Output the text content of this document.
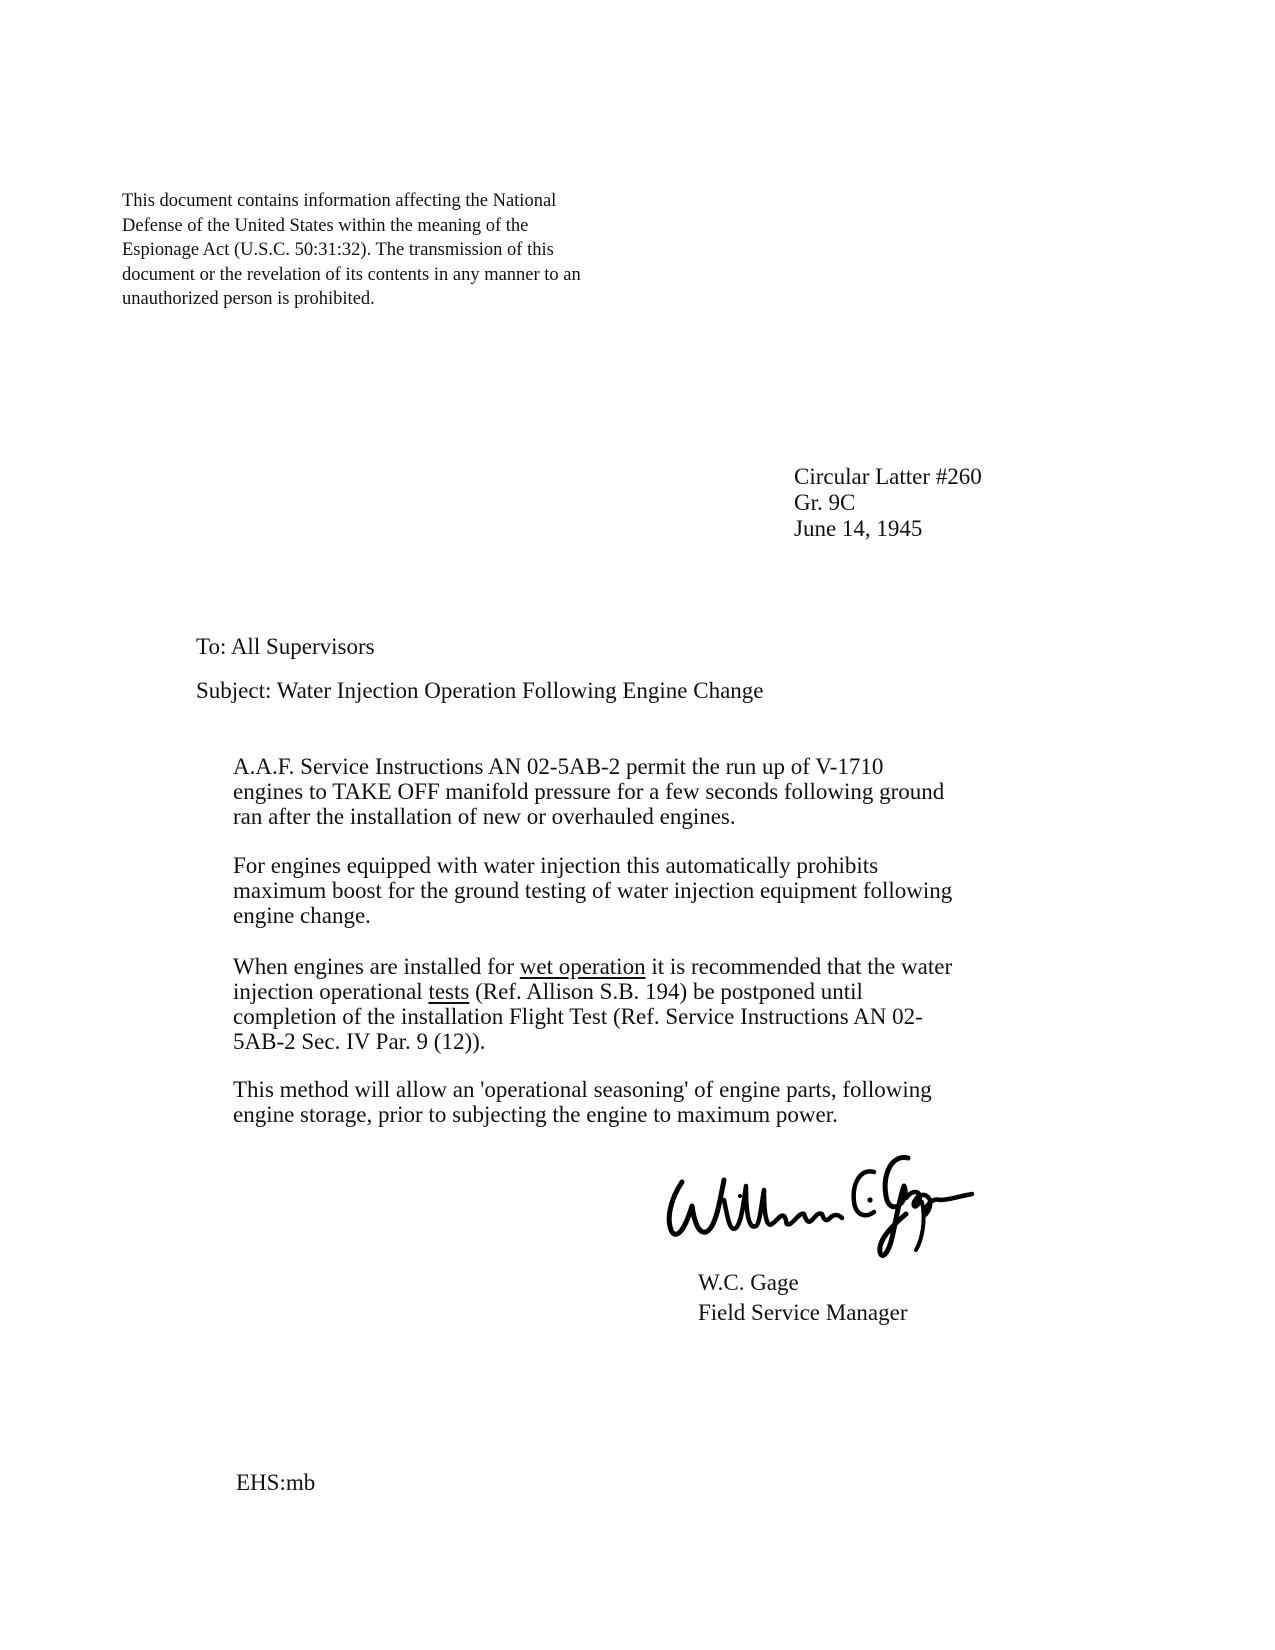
This document contains information affecting the National
Defense of the United States within the meaning of the
Espionage Act (U.S.C. 50:31:32). The transmission of this
document or the revelation of its contents in any manner to an
unauthorized person is prohibited.
Circular Latter #260
Gr. 9C
June 14, 1945
To: All Supervisors
Subject: Water Injection Operation Following Engine Change
A.A.F. Service Instructions AN 02-5AB-2 permit the run up of V-1710
engines to TAKE OFF manifold pressure for a few seconds following ground
ran after the installation of new or overhauled engines.
For engines equipped with water injection this automatically prohibits
maximum boost for the ground testing of water injection equipment following
engine change.
When engines are installed for wet operation it is recommended that the water
injection operational tests (Ref. Allison S.B. 194) be postponed until
completion of the installation Flight Test (Ref. Service Instructions AN 02-
5AB-2 Sec. IV Par. 9 (12)).
This method will allow an 'operational seasoning' of engine parts, following
engine storage, prior to subjecting the engine to maximum power.
W.C. Gage
Field Service Manager
EHS:mb
